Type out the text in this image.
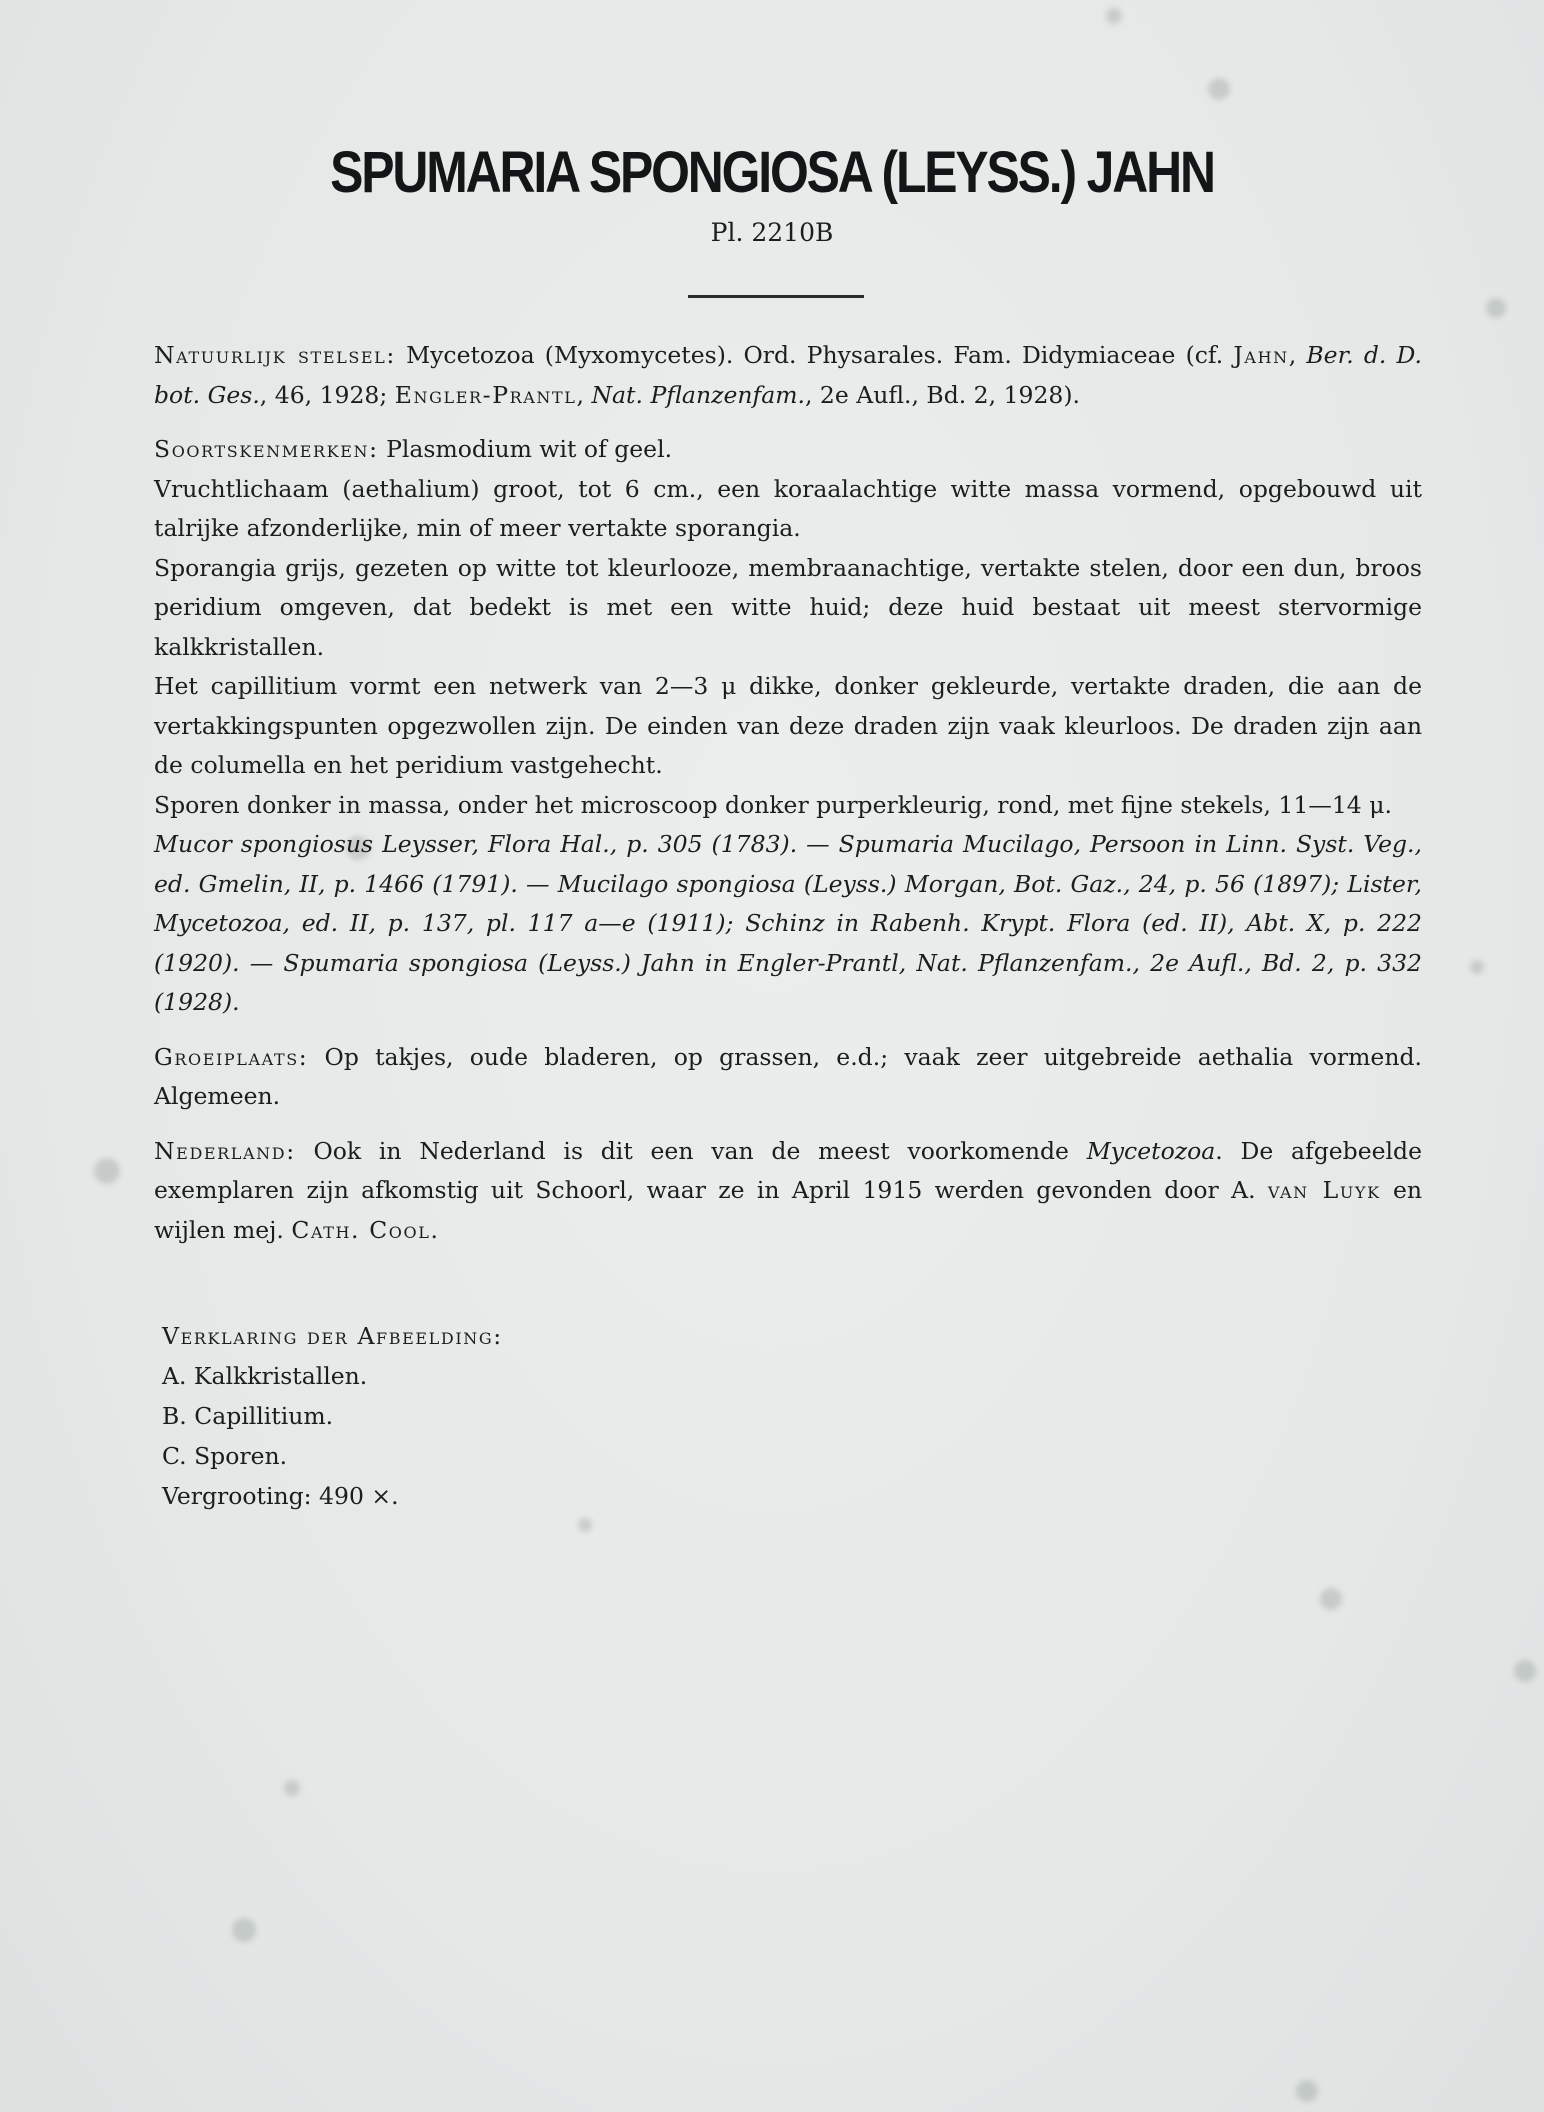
SPUMARIA SPONGIOSA (LEYSS.) JAHN
Pl. 2210B

Natuurlijk stelsel: Mycetozoa (Myxomycetes). Ord. Physarales. Fam. Didymiaceae (cf. Jahn, Ber. d. D. bot. Ges., 46, 1928; Engler-Prantl, Nat. Pflanzenfam., 2e Aufl., Bd. 2, 1928).

Soortskenmerken: Plasmodium wit of geel.

Vruchtlichaam (aethalium) groot, tot 6 cm., een koraalachtige witte massa vormend, opgebouwd uit talrijke afzonderlijke, min of meer vertakte sporangia.

Sporangia grijs, gezeten op witte tot kleurlooze, membraanachtige, vertakte stelen, door een dun, broos peridium omgeven, dat bedekt is met een witte huid; deze huid bestaat uit meest stervormige kalkkristallen.

Het capillitium vormt een netwerk van 2—3 μ dikke, donker gekleurde, vertakte draden, die aan de vertakkingspunten opgezwollen zijn. De einden van deze draden zijn vaak kleurloos. De draden zijn aan de columella en het peridium vastgehecht.

Sporen donker in massa, onder het microscoop donker purperkleurig, rond, met fijne stekels, 11—14 μ.

Mucor spongiosus Leysser, Flora Hal., p. 305 (1783). — Spumaria Mucilago, Persoon in Linn. Syst. Veg., ed. Gmelin, II, p. 1466 (1791). — Mucilago spongiosa (Leyss.) Morgan, Bot. Gaz., 24, p. 56 (1897); Lister, Mycetozoa, ed. II, p. 137, pl. 117 a—e (1911); Schinz in Rabenh. Krypt. Flora (ed. II), Abt. X, p. 222 (1920). — Spumaria spongiosa (Leyss.) Jahn in Engler-Prantl, Nat. Pflanzenfam., 2e Aufl., Bd. 2, p. 332 (1928).

Groeiplaats: Op takjes, oude bladeren, op grassen, e.d.; vaak zeer uitgebreide aethalia vormend. Algemeen.

Nederland: Ook in Nederland is dit een van de meest voorkomende Mycetozoa. De afgebeelde exemplaren zijn afkomstig uit Schoorl, waar ze in April 1915 werden gevonden door A. van Luyk en wijlen mej. Cath. Cool.

Verklaring der Afbeelding:
A. Kalkkristallen.
B. Capillitium.
C. Sporen.
Vergrooting: 490 ×.
